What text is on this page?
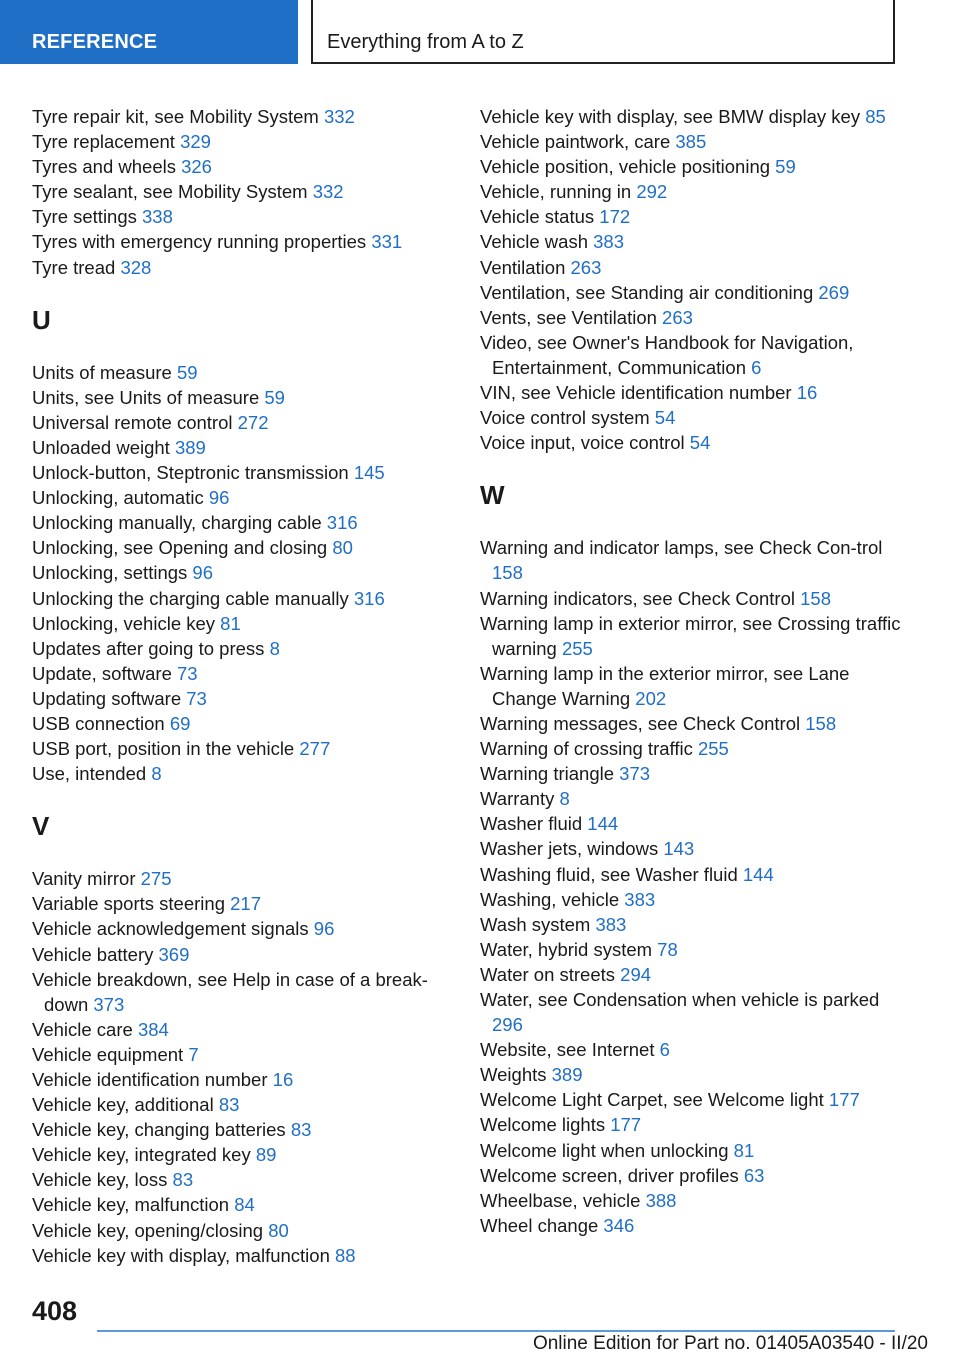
REFERENCE	Everything from A to Z
Tyre repair kit, see Mobility System 332
Tyre replacement 329
Tyres and wheels 326
Tyre sealant, see Mobility System 332
Tyre settings 338
Tyres with emergency running properties 331
Tyre tread 328
U
Units of measure 59
Units, see Units of measure 59
Universal remote control 272
Unloaded weight 389
Unlock-button, Steptronic transmission 145
Unlocking, automatic 96
Unlocking manually, charging cable 316
Unlocking, see Opening and closing 80
Unlocking, settings 96
Unlocking the charging cable manually 316
Unlocking, vehicle key 81
Updates after going to press 8
Update, software 73
Updating software 73
USB connection 69
USB port, position in the vehicle 277
Use, intended 8
V
Vanity mirror 275
Variable sports steering 217
Vehicle acknowledgement signals 96
Vehicle battery 369
Vehicle breakdown, see Help in case of a break‐down 373
Vehicle care 384
Vehicle equipment 7
Vehicle identification number 16
Vehicle key, additional 83
Vehicle key, changing batteries 83
Vehicle key, integrated key 89
Vehicle key, loss 83
Vehicle key, malfunction 84
Vehicle key, opening/closing 80
Vehicle key with display, malfunction 88
Vehicle key with display, see BMW display key 85
Vehicle paintwork, care 385
Vehicle position, vehicle positioning 59
Vehicle, running in 292
Vehicle status 172
Vehicle wash 383
Ventilation 263
Ventilation, see Standing air conditioning 269
Vents, see Ventilation 263
Video, see Owner's Handbook for Navigation, Entertainment, Communication 6
VIN, see Vehicle identification number 16
Voice control system 54
Voice input, voice control 54
W
Warning and indicator lamps, see Check Con‐trol 158
Warning indicators, see Check Control 158
Warning lamp in exterior mirror, see Crossing traffic warning 255
Warning lamp in the exterior mirror, see Lane Change Warning 202
Warning messages, see Check Control 158
Warning of crossing traffic 255
Warning triangle 373
Warranty 8
Washer fluid 144
Washer jets, windows 143
Washing fluid, see Washer fluid 144
Washing, vehicle 383
Wash system 383
Water, hybrid system 78
Water on streets 294
Water, see Condensation when vehicle is parked 296
Website, see Internet 6
Weights 389
Welcome Light Carpet, see Welcome light 177
Welcome lights 177
Welcome light when unlocking 81
Welcome screen, driver profiles 63
Wheelbase, vehicle 388
Wheel change 346
408
Online Edition for Part no. 01405A03540 - II/20
